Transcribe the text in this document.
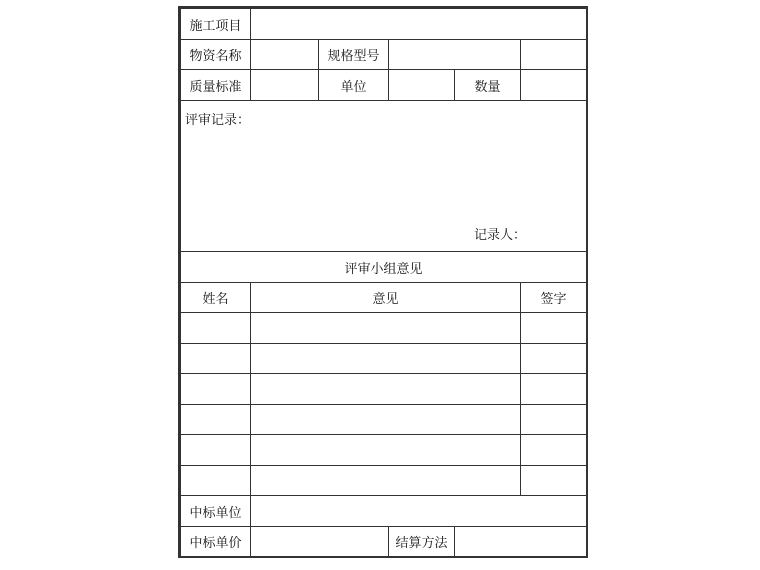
施工项目					
物资名称		规格型号			
质量标准		单位		数量	
评审记录：
记录人：					

评审小组意见					
姓名	意见				签字

中标单位					
中标单价			结算方法		
